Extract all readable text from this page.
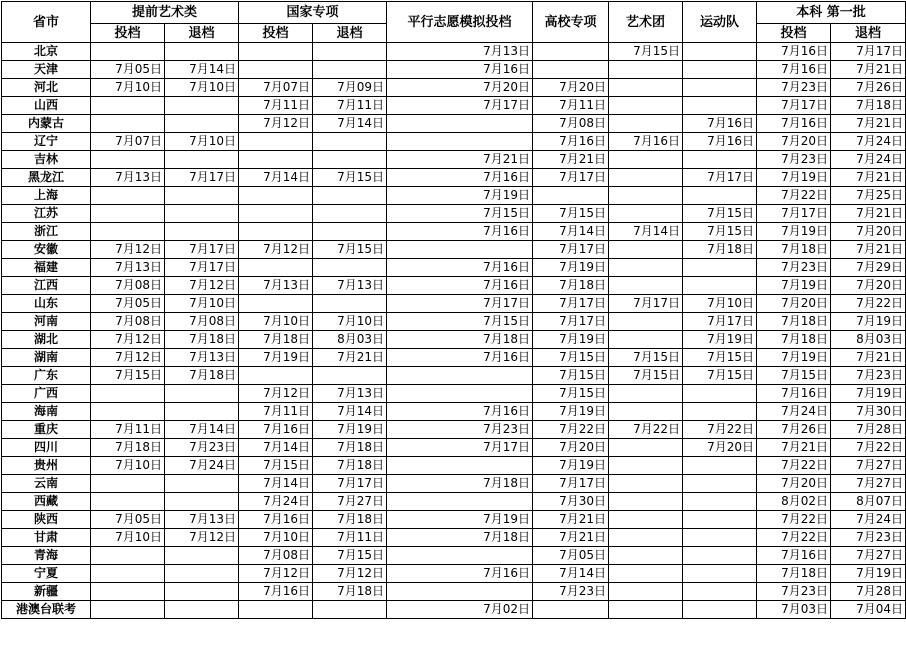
省市	提前艺术类		国家专项		平行志愿模拟投档	高校专项	艺术团	运动队	本科 第一批	
	投档	退档	投档	退档					投档	退档
北京					7月13日		7月15日		7月16日	7月17日
天津	7月05日	7月14日			7月16日				7月16日	7月21日
河北	7月10日	7月10日	7月07日	7月09日	7月20日	7月20日			7月23日	7月26日
山西			7月11日	7月11日	7月17日	7月11日			7月17日	7月18日
内蒙古			7月12日	7月14日		7月08日		7月16日	7月16日	7月21日
辽宁	7月07日	7月10日				7月16日	7月16日	7月16日	7月20日	7月24日
吉林					7月21日	7月21日			7月23日	7月24日
黑龙江	7月13日	7月17日	7月14日	7月15日	7月16日	7月17日		7月17日	7月19日	7月21日
上海					7月19日				7月22日	7月25日
江苏					7月15日	7月15日		7月15日	7月17日	7月21日
浙江					7月16日	7月14日	7月14日	7月15日	7月19日	7月20日
安徽	7月12日	7月17日	7月12日	7月15日		7月17日		7月18日	7月18日	7月21日
福建	7月13日	7月17日			7月16日	7月19日			7月23日	7月29日
江西	7月08日	7月12日	7月13日	7月13日	7月16日	7月18日			7月19日	7月20日
山东	7月05日	7月10日			7月17日	7月17日	7月17日	7月10日	7月20日	7月22日
河南	7月08日	7月08日	7月10日	7月10日	7月15日	7月17日		7月17日	7月18日	7月19日
湖北	7月12日	7月18日	7月18日	8月03日	7月18日	7月19日		7月19日	7月18日	8月03日
湖南	7月12日	7月13日	7月19日	7月21日	7月16日	7月15日	7月15日	7月15日	7月19日	7月21日
广东	7月15日	7月18日				7月15日	7月15日	7月15日	7月15日	7月23日
广西			7月12日	7月13日		7月15日			7月16日	7月19日
海南			7月11日	7月14日	7月16日	7月19日			7月24日	7月30日
重庆	7月11日	7月14日	7月16日	7月19日	7月23日	7月22日	7月22日	7月22日	7月26日	7月28日
四川	7月18日	7月23日	7月14日	7月18日	7月17日	7月20日		7月20日	7月21日	7月22日
贵州	7月10日	7月24日	7月15日	7月18日		7月19日			7月22日	7月27日
云南			7月14日	7月17日	7月18日	7月17日			7月20日	7月27日
西藏			7月24日	7月27日		7月30日			8月02日	8月07日
陕西	7月05日	7月13日	7月16日	7月18日	7月19日	7月21日			7月22日	7月24日
甘肃	7月10日	7月12日	7月10日	7月11日	7月18日	7月21日			7月22日	7月23日
青海			7月08日	7月15日		7月05日			7月16日	7月27日
宁夏			7月12日	7月12日	7月16日	7月14日			7月18日	7月19日
新疆			7月16日	7月18日		7月23日			7月23日	7月28日
港澳台联考					7月02日				7月03日	7月04日
